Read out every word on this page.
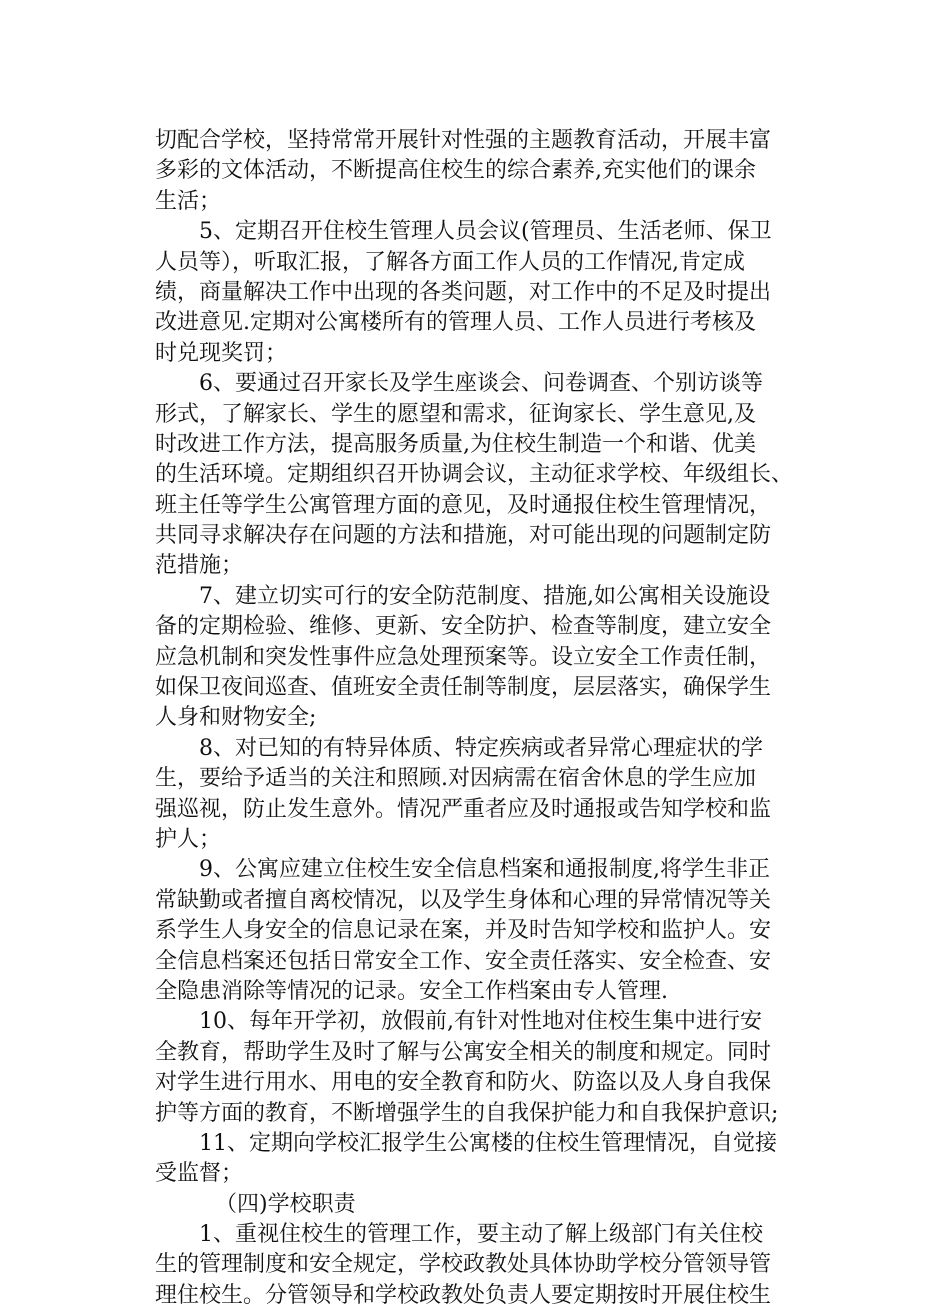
切配合学校，坚持常常开展针对性强的主题教育活动，开展丰富
多彩的文体活动，不断提高住校生的综合素养,充实他们的课余
生活；
5、定期召开住校生管理人员会议(管理员、生活老师、保卫
人员等），听取汇报，了解各方面工作人员的工作情况,肯定成
绩，商量解决工作中出现的各类问题，对工作中的不足及时提出
改进意见.定期对公寓楼所有的管理人员、工作人员进行考核及
时兑现奖罚；
6、要通过召开家长及学生座谈会、问卷调查、个别访谈等
形式，了解家长、学生的愿望和需求，征询家长、学生意见,及
时改进工作方法，提高服务质量,为住校生制造一个和谐、优美
的生活环境。定期组织召开协调会议，主动征求学校、年级组长、
班主任等学生公寓管理方面的意见，及时通报住校生管理情况，
共同寻求解决存在问题的方法和措施，对可能出现的问题制定防
范措施；
7、建立切实可行的安全防范制度、措施,如公寓相关设施设
备的定期检验、维修、更新、安全防护、检查等制度，建立安全
应急机制和突发性事件应急处理预案等。设立安全工作责任制，
如保卫夜间巡查、值班安全责任制等制度，层层落实，确保学生
人身和财物安全;
8、对已知的有特异体质、特定疾病或者异常心理症状的学
生，要给予适当的关注和照顾.对因病需在宿舍休息的学生应加
强巡视，防止发生意外。情况严重者应及时通报或告知学校和监
护人；
9、公寓应建立住校生安全信息档案和通报制度,将学生非正
常缺勤或者擅自离校情况，以及学生身体和心理的异常情况等关
系学生人身安全的信息记录在案，并及时告知学校和监护人。安
全信息档案还包括日常安全工作、安全责任落实、安全检查、安
全隐患消除等情况的记录。安全工作档案由专人管理.
10、每年开学初，放假前,有针对性地对住校生集中进行安
全教育，帮助学生及时了解与公寓安全相关的制度和规定。同时
对学生进行用水、用电的安全教育和防火、防盗以及人身自我保
护等方面的教育，不断增强学生的自我保护能力和自我保护意识;
11、定期向学校汇报学生公寓楼的住校生管理情况，自觉接
受监督；
（四)学校职责
1、重视住校生的管理工作，要主动了解上级部门有关住校
生的管理制度和安全规定，学校政教处具体协助学校分管领导管
理住校生。分管领导和学校政教处负责人要定期按时开展住校生
